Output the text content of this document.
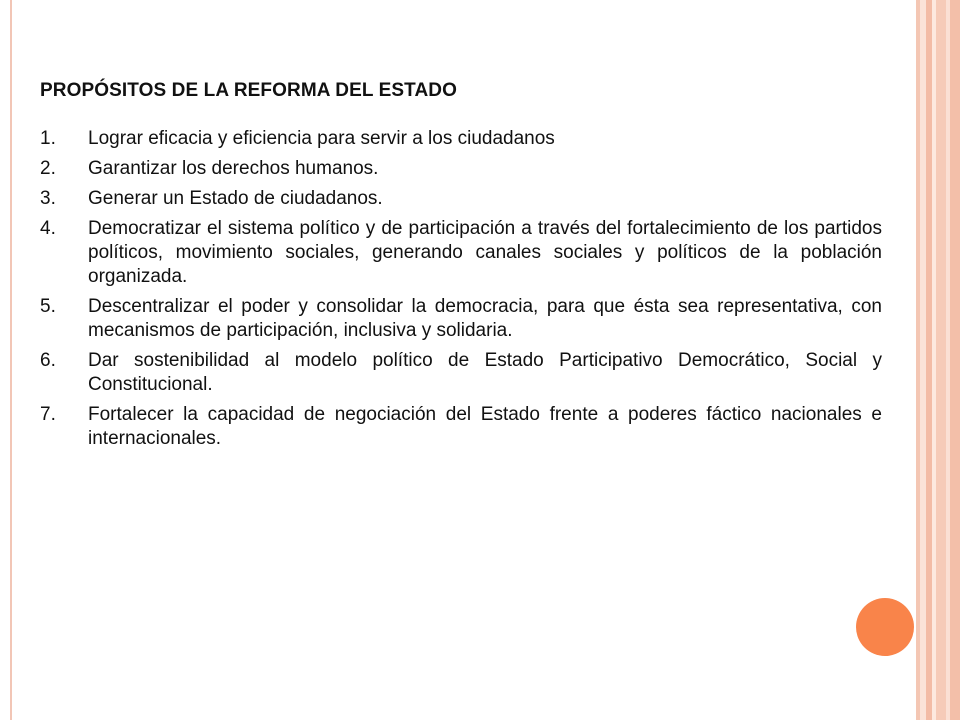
PROPÓSITOS DE LA REFORMA DEL ESTADO
1.	Lograr eficacia y eficiencia para servir a los ciudadanos
2.	Garantizar los derechos humanos.
3.	Generar un Estado de ciudadanos.
4.	Democratizar el sistema político y de participación a través del fortalecimiento de los partidos políticos, movimiento sociales, generando canales sociales y políticos de la población organizada.
5.	Descentralizar el poder y consolidar la democracia, para que ésta sea representativa, con mecanismos de participación, inclusiva y solidaria.
6.	Dar sostenibilidad al modelo político de Estado Participativo Democrático, Social y Constitucional.
7.	Fortalecer la capacidad de negociación del Estado frente a poderes fáctico nacionales e internacionales.
